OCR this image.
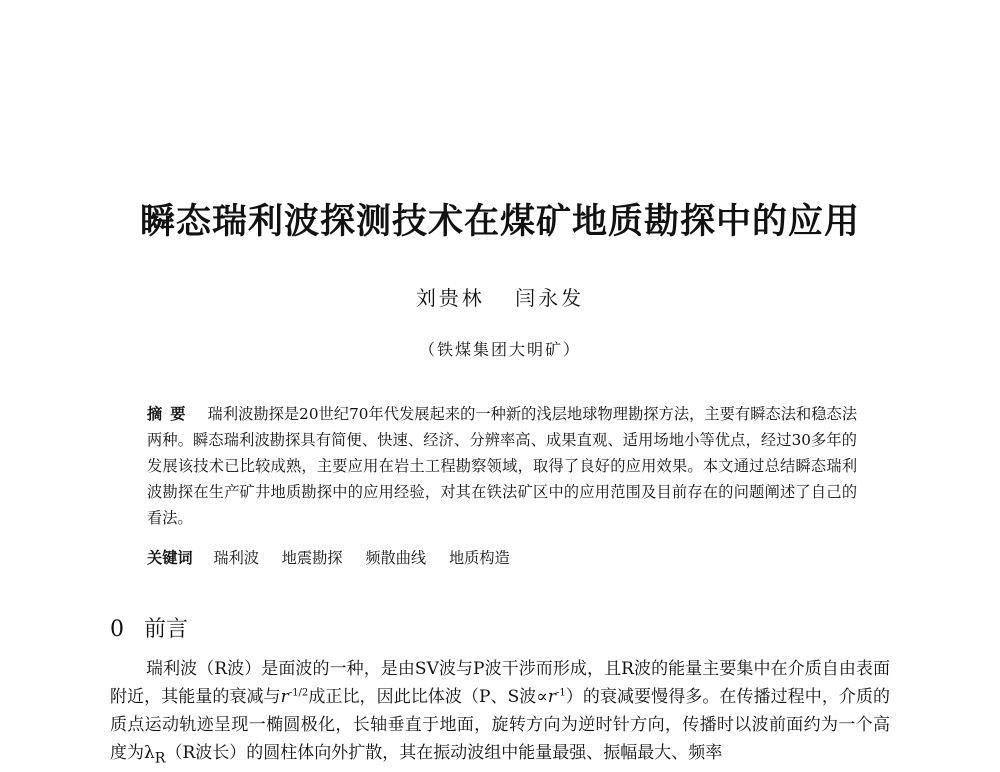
瞬态瑞利波探测技术在煤矿地质勘探中的应用
刘贵林 闫永发
（铁煤集团大明矿）
摘要 瑞利波勘探是20世纪70年代发展起来的一种新的浅层地球物理勘探方法，主要有瞬态法和稳态法两种。瞬态瑞利波勘探具有简便、快速、经济、分辨率高、成果直观、适用场地小等优点，经过30多年的发展该技术已比较成熟，主要应用在岩土工程勘察领域，取得了良好的应用效果。本文通过总结瞬态瑞利波勘探在生产矿井地质勘探中的应用经验，对其在铁法矿区中的应用范围及目前存在的问题阐述了自己的看法。
关键词 瑞利波 地震勘探 频散曲线 地质构造
0 前言
瑞利波（R波）是面波的一种，是由SV波与P波干涉而形成，且R波的能量主要集中在介质自由表面附近，其能量的衰减与$r^{-1/2}$成正比，因此比体波（P、S波$\propto r^{-1}$）的衰减要慢得多。在传播过程中，介质的质点运动轨迹呈现一椭圆极化，长轴垂直于地面，旋转方向为逆时针方向，传播时以波前面约为一个高度为$\lambda_R(R$波长）的圆柱体向外扩散，其在振动波组中能量最强、振幅最大、频率
